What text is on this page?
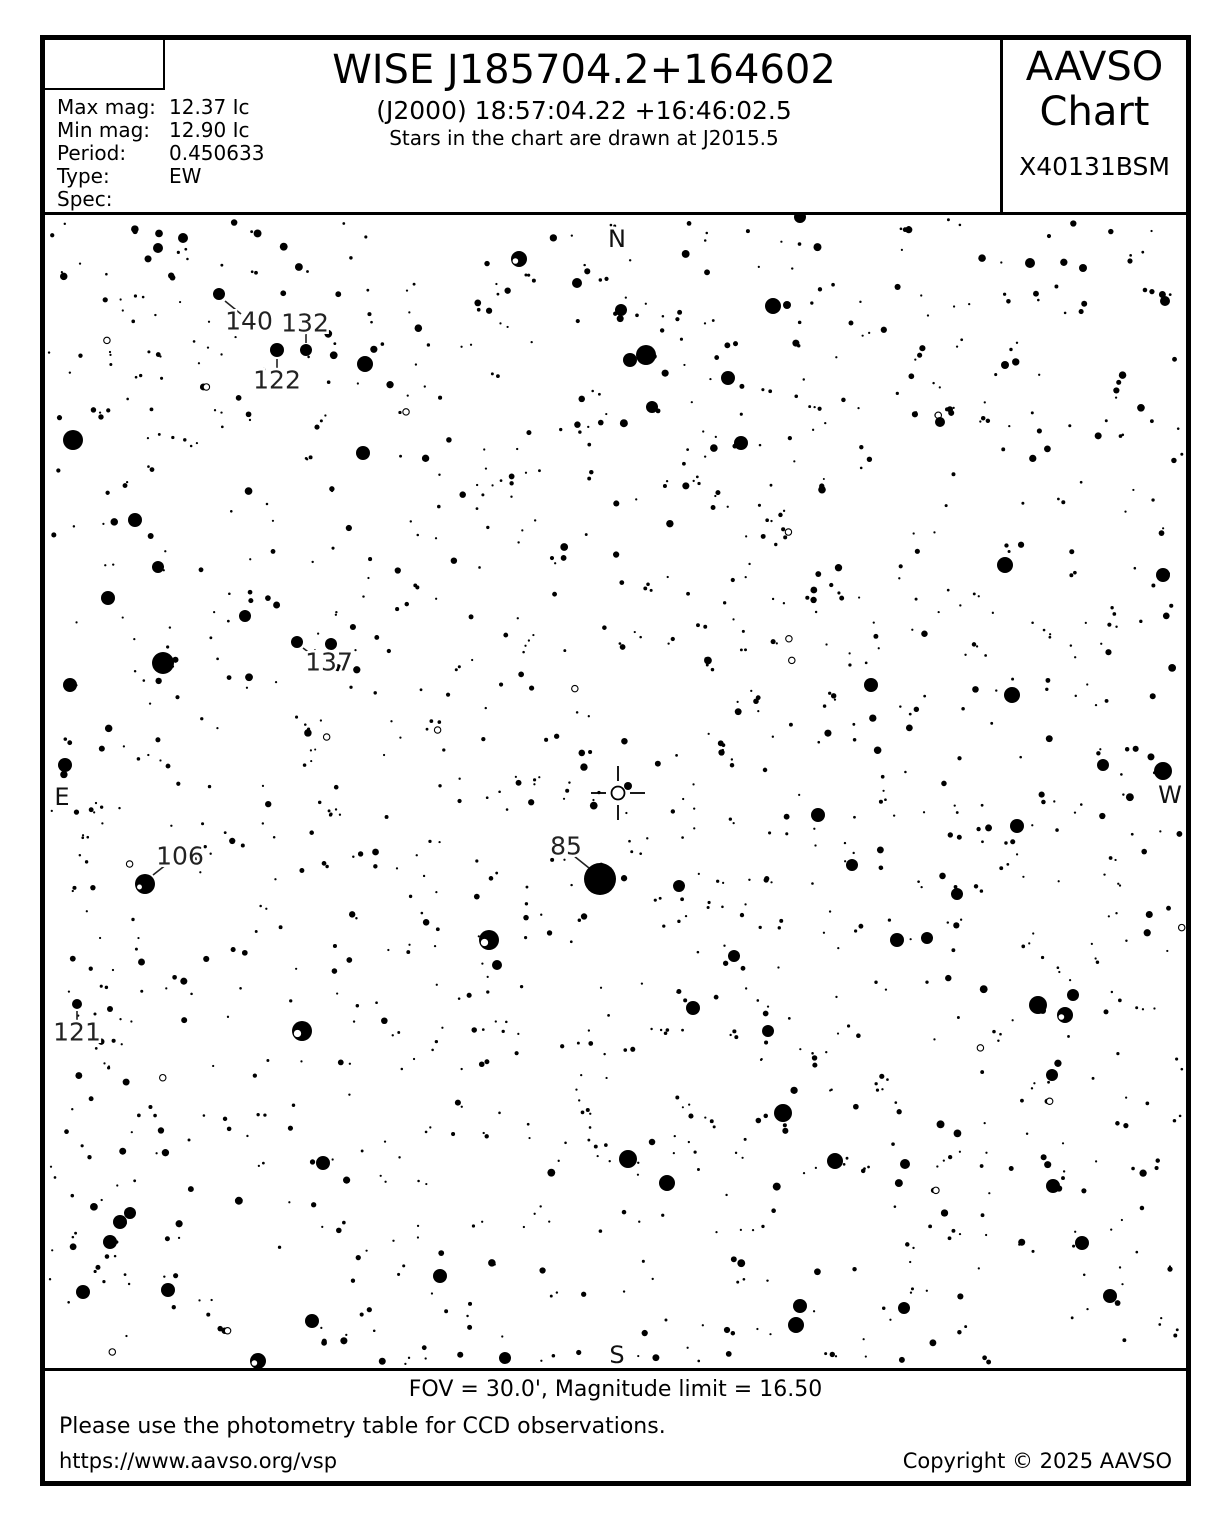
Max mag: 12.37 Ic
Min mag: 12.90 Ic
Period:	0.450633
Type:	EW
Spec:
WISE J185704.2+164602
(J2000) 18:57:04.22 +16:46:02.5
Stars in the chart are drawn at J2015.5
AAVSO
Chart
X40131BSM
140 132
122
137
106	85
121
N
S
E	W
FOV = 30.0', Magnitude limit = 16.50
Please use the photometry table for CCD observations.
https://www.aavso.org/vsp	Copyright © 2025 AAVSO
